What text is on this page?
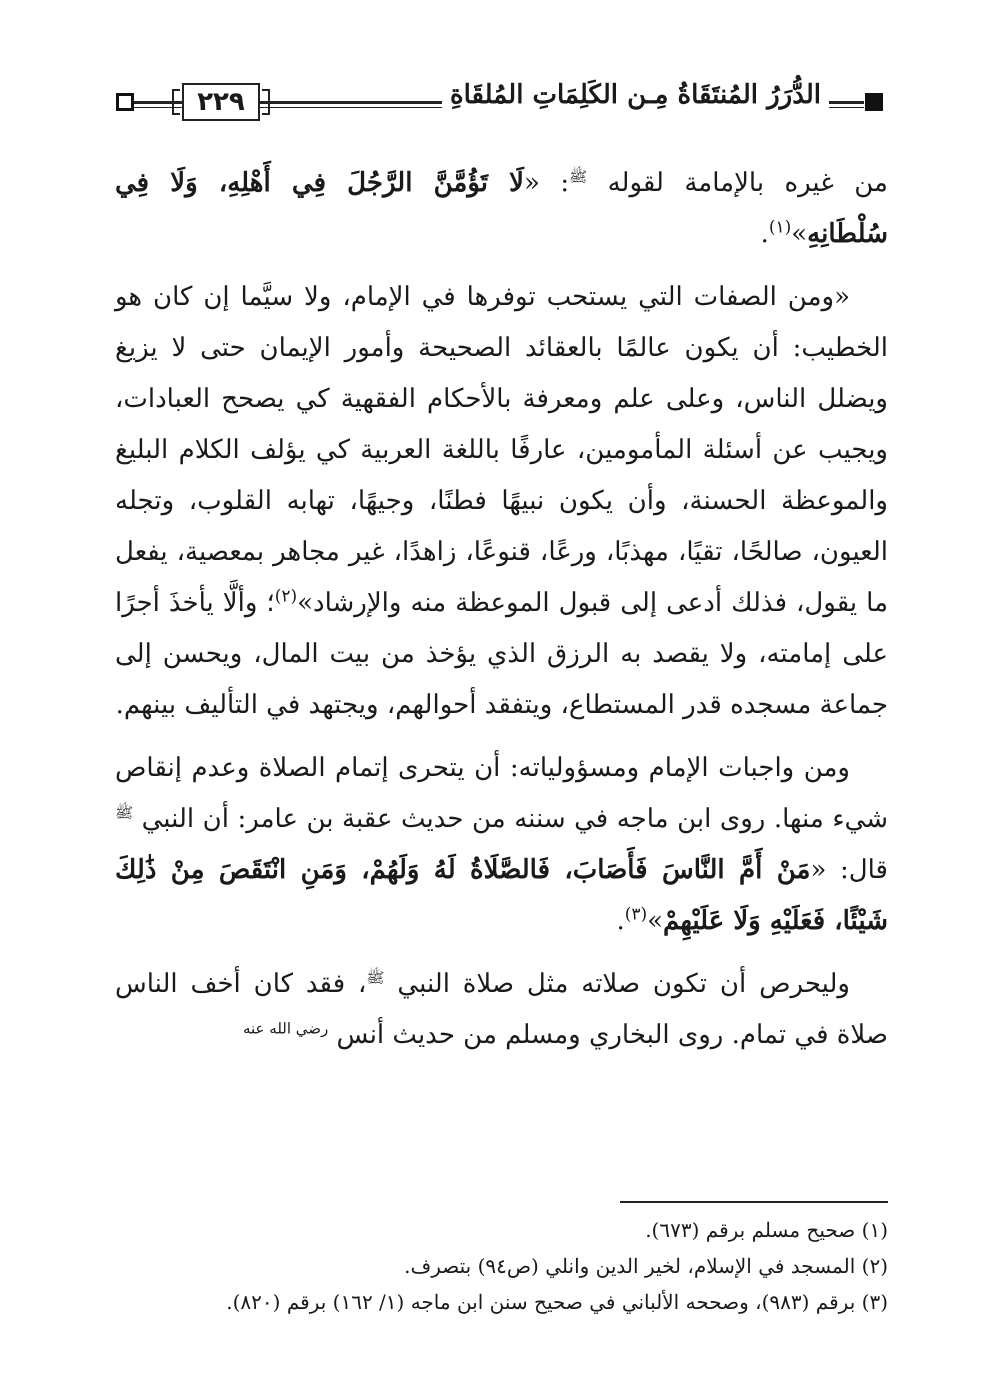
٢٢٩	الدُّرَرُ المُنتَقَاةُ مِـن الكَلِمَاتِ المُلقَاةِ

من غيره بالإمامة لقوله $^ﷺ$: «لَا تَؤُمَّنَّ الرَّجُلَ فِي أَهْلِهِ، وَلَا فِي سُلْطَانِهِ»$^{(١)}$.

«ومن الصفات التي يستحب توفرها في الإمام، ولا سيَّما إن كان هو الخطيب: أن يكون عالمًا بالعقائد الصحيحة وأمور الإيمان حتى لا يزيغ ويضلل الناس، وعلى علم ومعرفة بالأحكام الفقهية كي يصحح العبادات، ويجيب عن أسئلة المأمومين، عارفًا باللغة العربية كي يؤلف الكلام البليغ والموعظة الحسنة، وأن يكون نبيهًا فطنًا، وجيهًا، تهابه القلوب، وتجله العيون، صالحًا، تقيًا، مهذبًا، ورعًا، قنوعًا، زاهدًا، غير مجاهر بمعصية، يفعل ما يقول، فذلك أدعى إلى قبول الموعظة منه والإرشاد»$^{(٢)}$؛ وألَّا يأخذَ أجرًا على إمامته، ولا يقصد به الرزق الذي يؤخذ من بيت المال، ويحسن إلى جماعة مسجده قدر المستطاع، ويتفقد أحوالهم، ويجتهد في التأليف بينهم.

ومن واجبات الإمام ومسؤولياته: أن يتحرى إتمام الصلاة وعدم إنقاص شيء منها. روى ابن ماجه في سننه من حديث عقبة بن عامر: أن النبي $^ﷺ$ قال: «مَنْ أَمَّ النَّاسَ فَأَصَابَ، فَالصَّلَاةُ لَهُ وَلَهُمْ، وَمَنِ انْتَقَصَ مِنْ ذَٰلِكَ شَيْئًا، فَعَلَيْهِ وَلَا عَلَيْهِمْ»$^{(٣)}$.

وليحرص أن تكون صلاته مثل صلاة النبي $^ﷺ$، فقد كان أخف الناس صلاة في تمام. روى البخاري ومسلم من حديث أنس $^{رضي الله عنه}$

(١) صحيح مسلم برقم (٦٧٣).
(٢) المسجد في الإسلام، لخير الدين وانلي (ص٩٤) بتصرف.
(٣) برقم (٩٨٣)، وصححه الألباني في صحيح سنن ابن ماجه (١/ ١٦٢) برقم (٨٢٠).
